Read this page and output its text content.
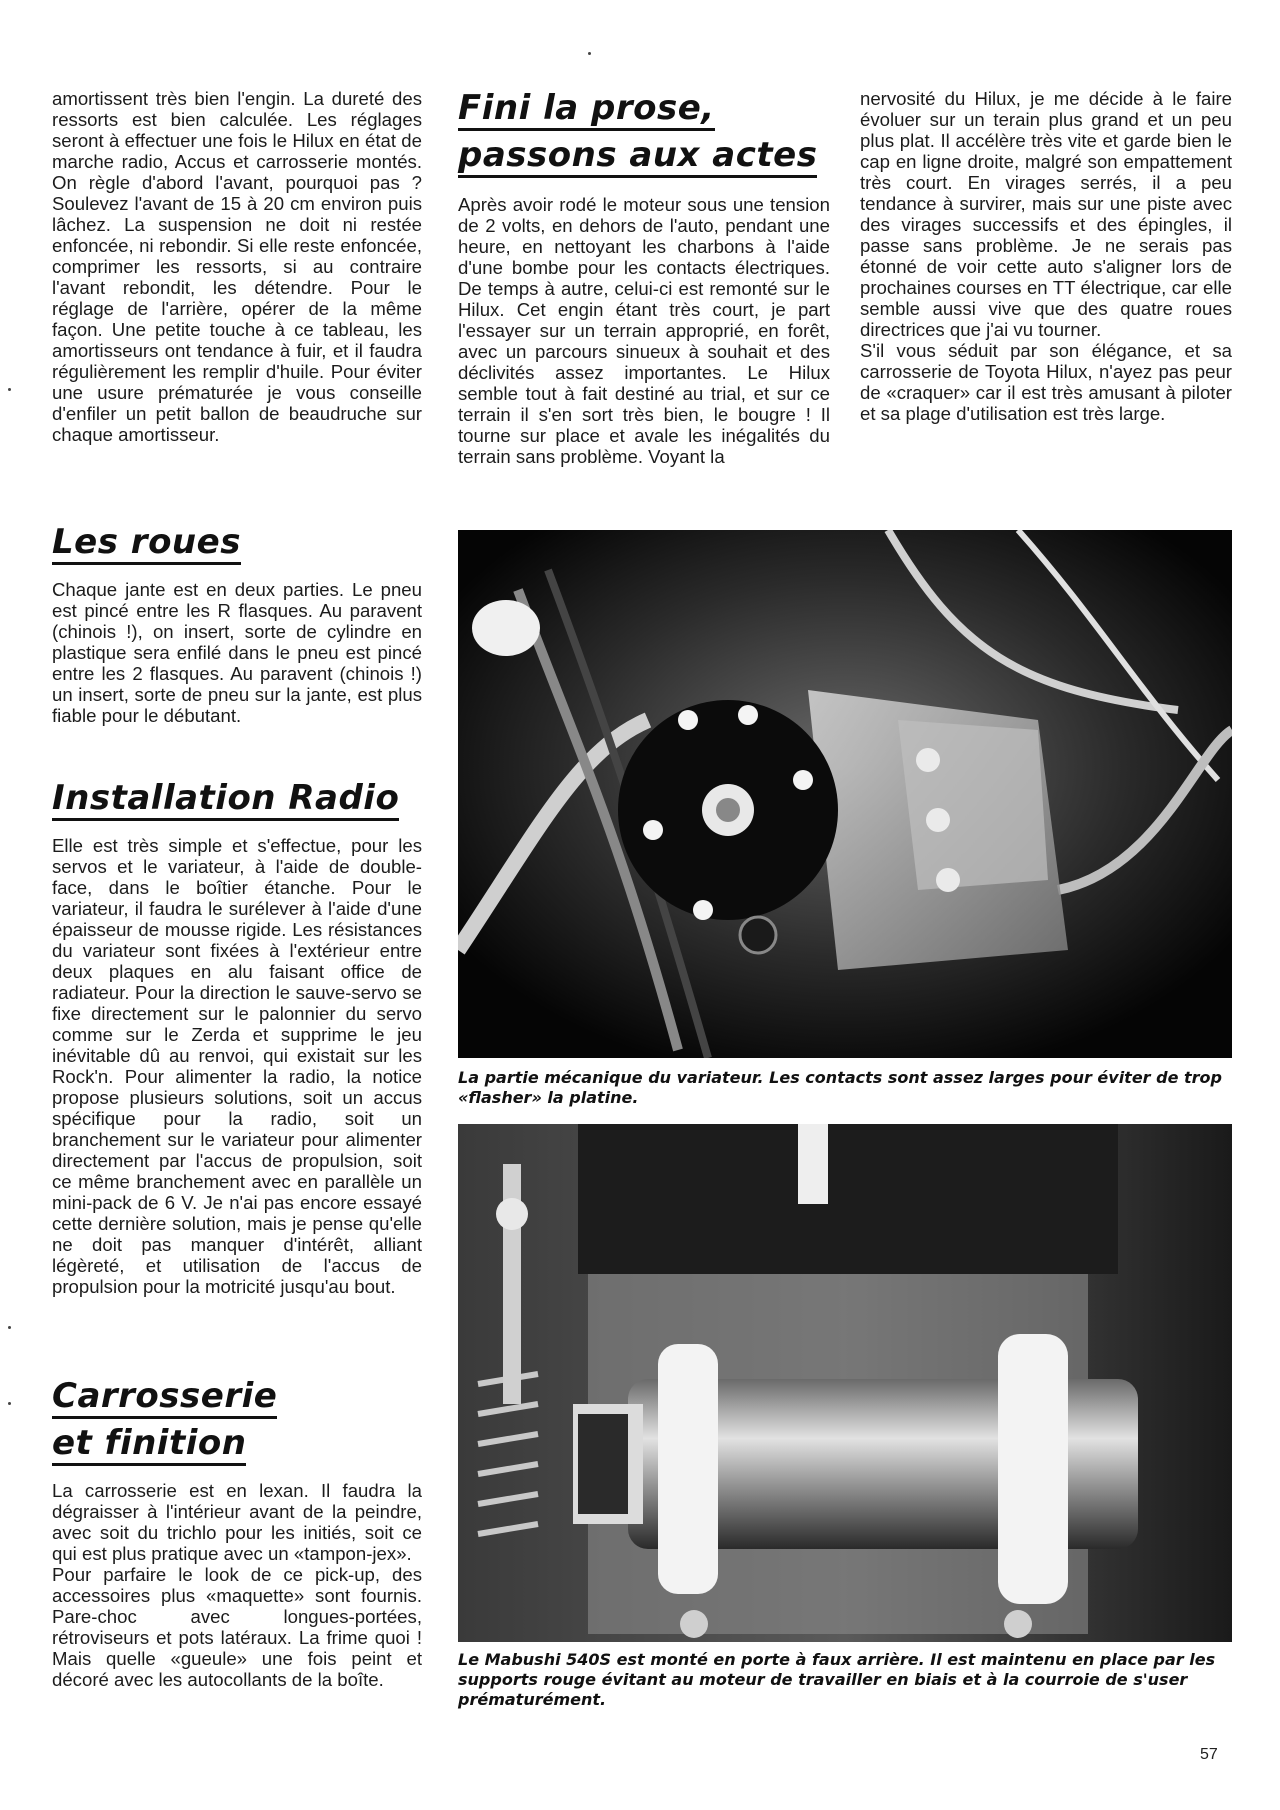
amortissent très bien l'engin. La dureté des ressorts est bien calculée. Les réglages seront à effectuer une fois le Hilux en état de marche radio, Accus et carrosserie montés. On règle d'abord l'avant, pourquoi pas ? Soulevez l'avant de 15 à 20 cm environ puis lâchez. La suspension ne doit ni restée enfoncée, ni rebondir. Si elle reste enfoncée, comprimer les ressorts, si au contraire l'avant rebondit, les détendre. Pour le réglage de l'arrière, opérer de la même façon. Une petite touche à ce tableau, les amortisseurs ont tendance à fuir, et il faudra régulièrement les remplir d'huile. Pour éviter une usure prématurée je vous conseille d'enfiler un petit ballon de beaudruche sur chaque amortisseur.

Fini la prose,
passons aux actes

Après avoir rodé le moteur sous une tension de 2 volts, en dehors de l'auto, pendant une heure, en nettoyant les charbons à l'aide d'une bombe pour les contacts électriques. De temps à autre, celui-ci est remonté sur le Hilux. Cet engin étant très court, je part l'essayer sur un terrain approprié, en forêt, avec un parcours sinueux à souhait et des déclivités assez importantes. Le Hilux semble tout à fait destiné au trial, et sur ce terrain il s'en sort très bien, le bougre ! Il tourne sur place et avale les inégalités du terrain sans problème. Voyant la

nervosité du Hilux, je me décide à le faire évoluer sur un terain plus grand et un peu plus plat. Il accélère très vite et garde bien le cap en ligne droite, malgré son empattement très court. En virages serrés, il a peu tendance à survirer, mais sur une piste avec des virages successifs et des épingles, il passe sans problème. Je ne serais pas étonné de voir cette auto s'aligner lors de prochaines courses en TT électrique, car elle semble aussi vive que des quatre roues directrices que j'ai vu tourner.

S'il vous séduit par son élégance, et sa carrosserie de Toyota Hilux, n'ayez pas peur de «craquer» car il est très amusant à piloter et sa plage d'utilisation est très large.

Les roues

Chaque jante est en deux parties. Le pneu est pincé entre les R flasques. Au paravent (chinois !), on insert, sorte de cylindre en plastique sera enfilé dans le pneu est pincé entre les 2 flasques. Au paravent (chinois !) un insert, sorte de pneu sur la jante, est plus fiable pour le débutant.

Installation Radio

Elle est très simple et s'effectue, pour les servos et le variateur, à l'aide de double-face, dans le boîtier étanche. Pour le variateur, il faudra le surélever à l'aide d'une épaisseur de mousse rigide. Les résistances du variateur sont fixées à l'extérieur entre deux plaques en alu faisant office de radiateur. Pour la direction le sauve-servo se fixe directement sur le palonnier du servo comme sur le Zerda et supprime le jeu inévitable dû au renvoi, qui existait sur les Rock'n. Pour alimenter la radio, la notice propose plusieurs solutions, soit un accus spécifique pour la radio, soit un branchement sur le variateur pour alimenter directement par l'accus de propulsion, soit ce même branchement avec en parallèle un mini-pack de 6 V. Je n'ai pas encore essayé cette dernière solution, mais je pense qu'elle ne doit pas manquer d'intérêt, alliant légèreté, et utilisation de l'accus de propulsion pour la motricité jusqu'au bout.

Carrosserie
et finition

La carrosserie est en lexan. Il faudra la dégraisser à l'intérieur avant de la peindre, avec soit du trichlo pour les initiés, soit ce qui est plus pratique avec un «tampon-jex».

Pour parfaire le look de ce pick-up, des accessoires plus «maquette» sont fournis. Pare-choc avec longues-portées, rétroviseurs et pots latéraux. La frime quoi ! Mais quelle «gueule» une fois peint et décoré avec les autocollants de la boîte.

La partie mécanique du variateur. Les contacts sont assez larges pour éviter de trop «flasher» la platine.
Le Mabushi 540S est monté en porte à faux arrière. Il est maintenu en place par les supports rouge évitant au moteur de travailler en biais et à la courroie de s'user prématurément.
57
